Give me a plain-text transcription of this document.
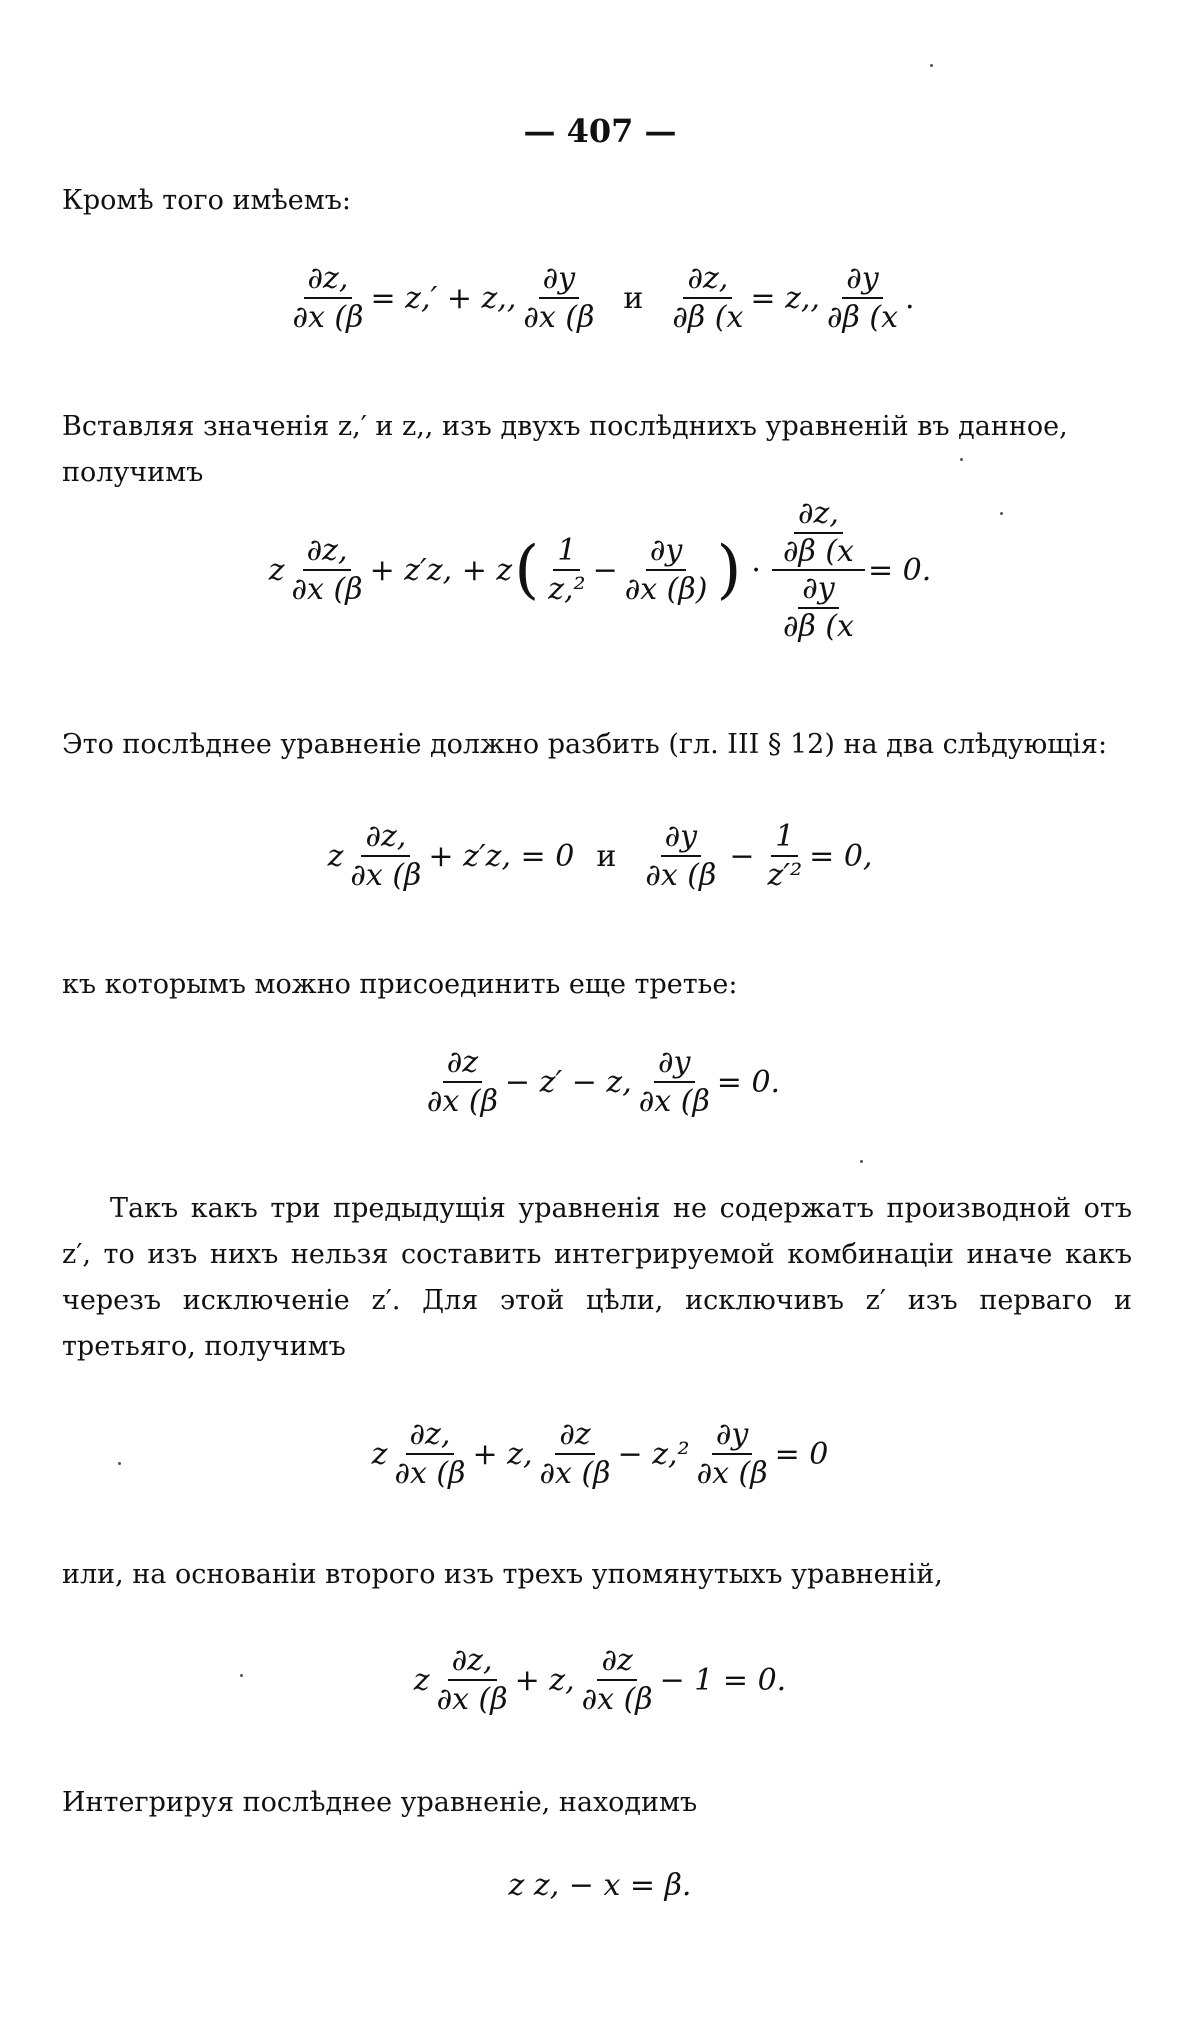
— 407 —

Кромѣ того имѣемъ:

$\frac{\partial z,}{\partial x (\beta} = z,' + z$,, $\frac{\partial y}{\partial x (\beta}$ и $\frac{\partial z,}{\partial\beta (x} = z$,, $\frac{\partial y}{\partial\beta (x}$ .

Вставляя значенiя z,′ и z,, изъ двухъ послѣднихъ уравненiй въ данное, получимъ

z $\frac{\partial z,}{\partial x (\beta} + z'z$, + z ( $\frac{1}{\text{z,²}} - \frac{\partial y}{\partial x (\beta)}$ ) · $\frac{\frac{\partial z,}{\partial\beta (x}}{\frac{\partial y}{\partial\beta (x}} = 0$.

Это послѣднее уравненiе должно разбить (гл. III § 12) на два слѣдующiя:

z $\frac{\partial z,}{\partial x (\beta} + z'z$, = 0 и $\frac{\partial y}{\partial x (\beta} - \frac{1}{\text{z′²}} = 0$,

къ которымъ можно присоединить еще третье:

$\frac{\partial z}{\partial x (\beta} - z' - z$, $\frac{\partial y}{\partial x (\beta} = 0$.

Такъ какъ три предыдущiя уравненiя не содержатъ производной отъ z′, то изъ нихъ нельзя составить интегрируемой комбинацiи иначе какъ черезъ исключенiе z′. Для этой цѣли, исключивъ z′ изъ перваго и третьяго, получимъ

z $\frac{\partial z,}{\partial x (\beta} + z$, $\frac{\partial z}{\partial x (\beta} - z,^2 \frac{\partial y}{\partial x (\beta} = 0$

или, на основанiи второго изъ трехъ упомянутыхъ уравненiй,

z $\frac{\partial z,}{\partial x (\beta} + z$, $\frac{\partial z}{\partial x (\beta} - 1 = 0$.

Интегрируя послѣднее уравненiе, находимъ

z z, − x = β.
